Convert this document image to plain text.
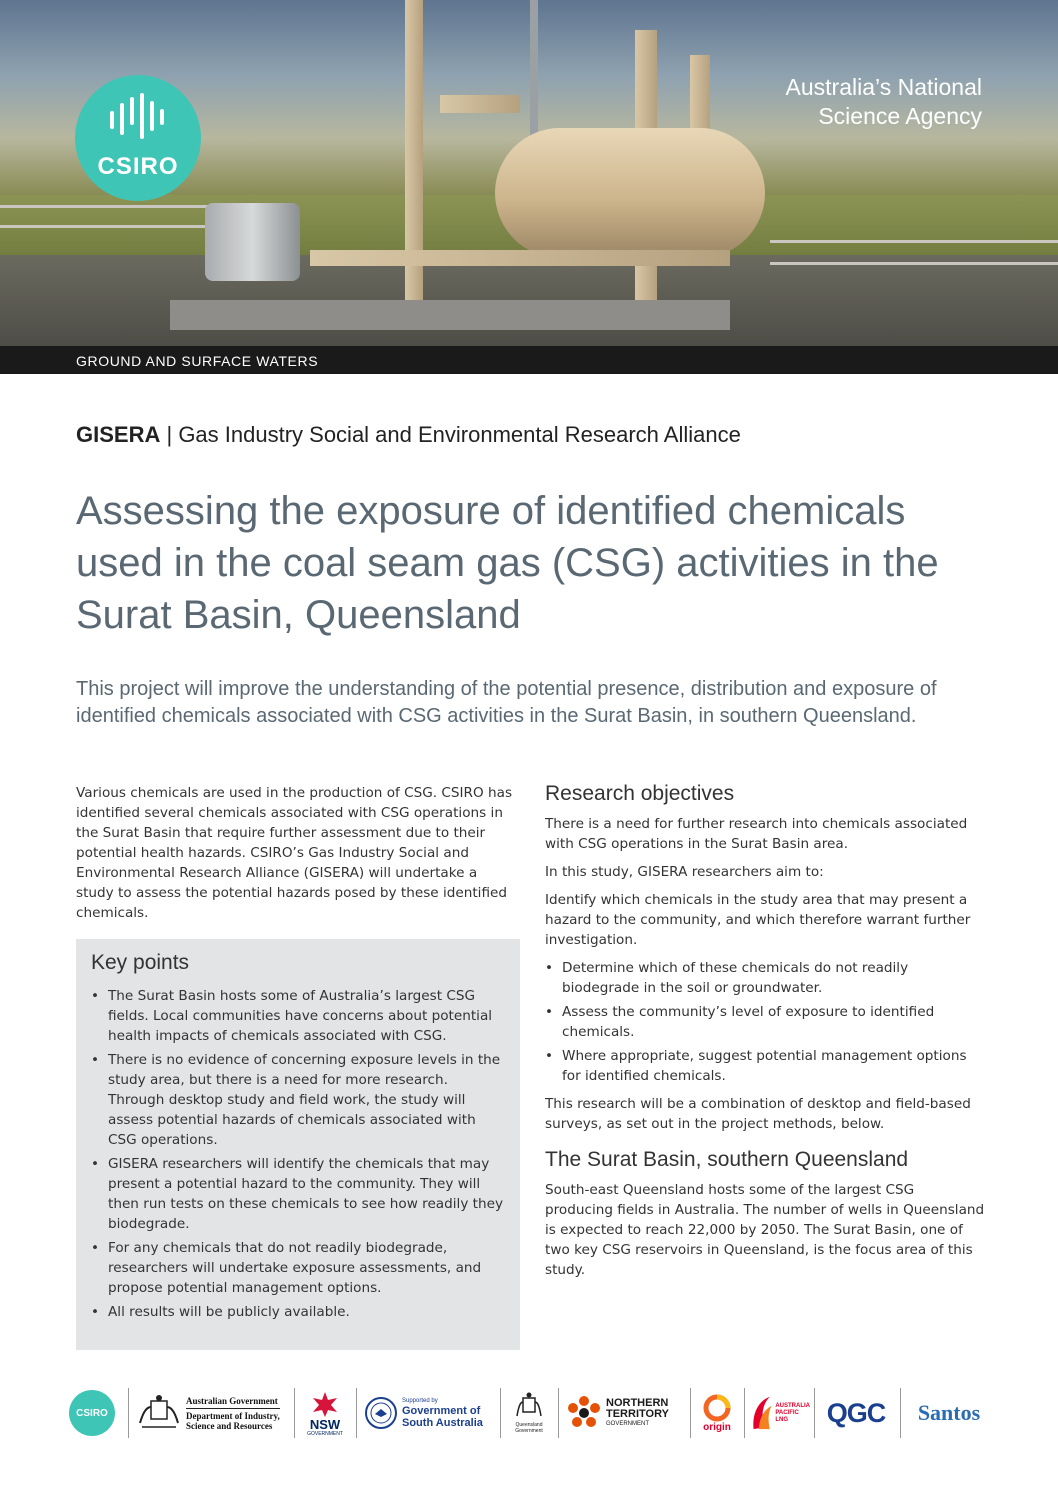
CSIRO
Australia’s National
Science Agency
GROUND AND SURFACE WATERS
GISERA | Gas Industry Social and Environmental Research Alliance
Assessing the exposure of identified chemicals used in the coal seam gas (CSG) activities in the Surat Basin, Queensland

This project will improve the understanding of the potential presence, distribution and exposure of identified chemicals associated with CSG activities in the Surat Basin, in southern Queensland.

Various chemicals are used in the production of CSG. CSIRO has identified several chemicals associated with CSG operations in the Surat Basin that require further assessment due to their potential health hazards. CSIRO’s Gas Industry Social and Environmental Research Alliance (GISERA) will undertake a study to assess the potential hazards posed by these identified chemicals.

Key points
• The Surat Basin hosts some of Australia’s largest CSG fields. Local communities have concerns about potential health impacts of chemicals associated with CSG.
• There is no evidence of concerning exposure levels in the study area, but there is a need for more research. Through desktop study and field work, the study will assess potential hazards of chemicals associated with CSG operations.
• GISERA researchers will identify the chemicals that may present a potential hazard to the community. They will then run tests on these chemicals to see how readily they biodegrade.
• For any chemicals that do not readily biodegrade, researchers will undertake exposure assessments, and propose potential management options.
• All results will be publicly available.
Research objectives

There is a need for further research into chemicals associated with CSG operations in the Surat Basin area.

In this study, GISERA researchers aim to:

Identify which chemicals in the study area that may present a hazard to the community, and which therefore warrant further investigation.

• Determine which of these chemicals do not readily biodegrade in the soil or groundwater.
• Assess the community’s level of exposure to identified chemicals.
• Where appropriate, suggest potential management options for identified chemicals.

This research will be a combination of desktop and field-based surveys, as set out in the project methods, below.

The Surat Basin, southern Queensland

South-east Queensland hosts some of the largest CSG producing fields in Australia. The number of wells in Queensland is expected to reach 22,000 by 2050. The Surat Basin, one of two key CSG reservoirs in Queensland, is the focus area of this study.

CSIRO
Australian Government
Department of Industry,
Science and Resources	NSW
GOVERNMENT
Supported by
Government of
South Australia	Queensland
Government
NORTHERN
TERRITORY
GOVERNMENT	origin
AUSTRALIA
PACIFIC
LNG	QGC Santos
